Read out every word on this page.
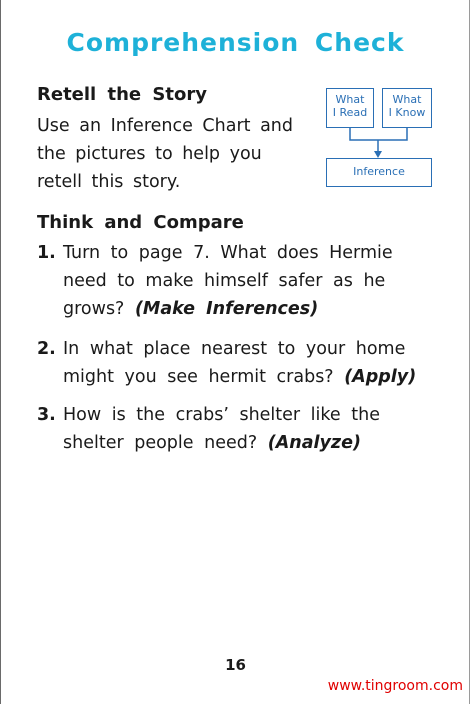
Comprehension Check
Retell the Story
Use an Inference Chart and
the pictures to help you
retell this story.
What
I Read
What
I Know
Inference
Think and Compare
1. Turn to page 7. What does Hermie
need to make himself safer as he
grows? (Make Inferences)
2. In what place nearest to your home
might you see hermit crabs? (Apply)
3. How is the crabs’ shelter like the
shelter people need? (Analyze)
16
www.tingroom.com
